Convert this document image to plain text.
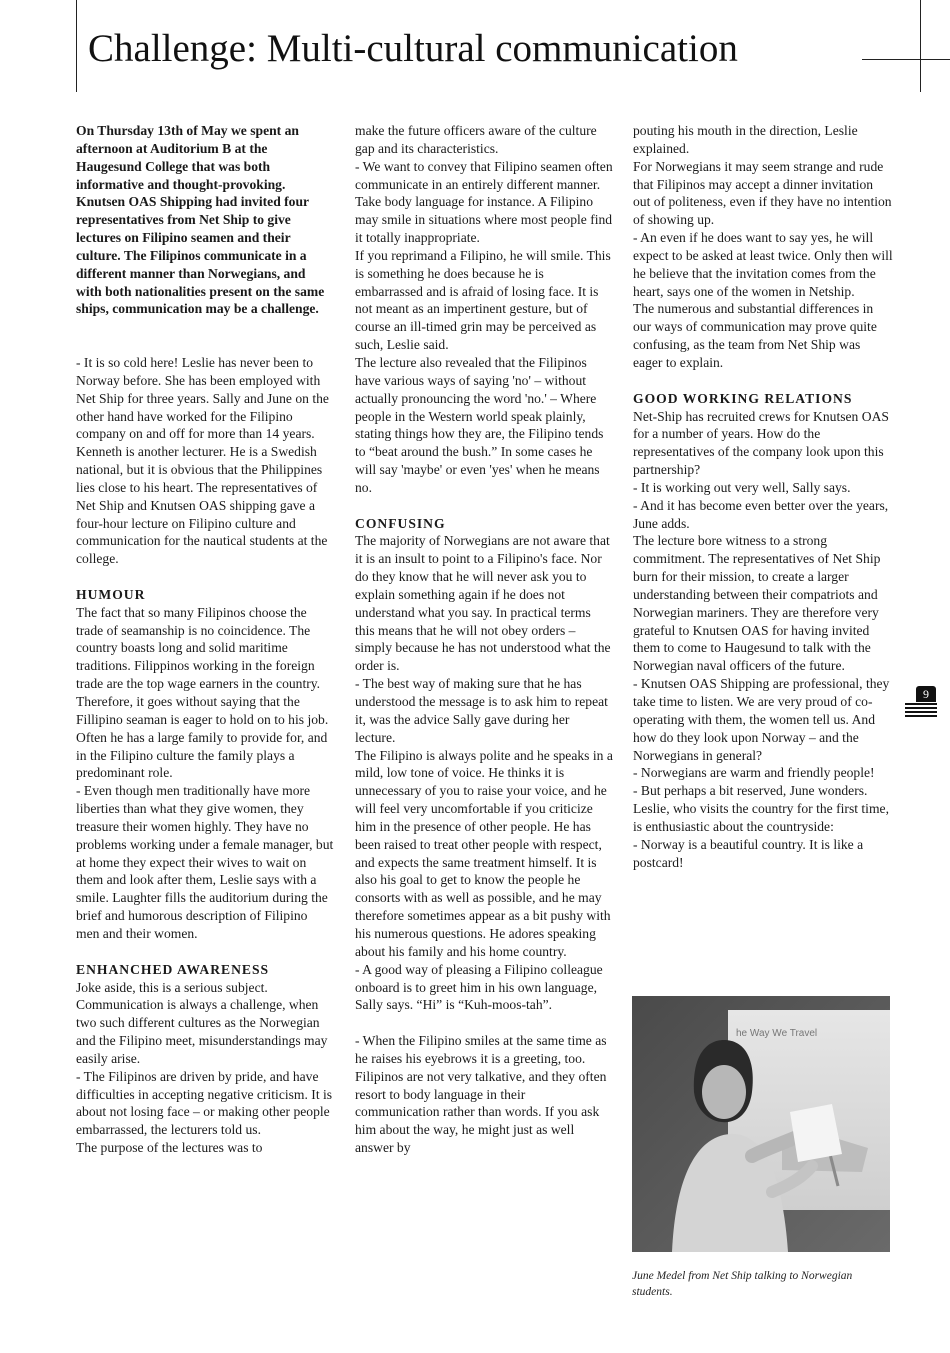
Challenge: Multi-cultural communication

On Thursday 13th of May we spent an afternoon at Auditorium B at the Haugesund College that was both informative and thought-provoking. Knutsen OAS Shipping had invited four representatives from Net Ship to give lectures on Filipino seamen and their culture. The Filipinos communicate in a different manner than Norwegians, and with both nationalities present on the same ships, communication may be a challenge.

- It is so cold here! Leslie has never been to Norway before. She has been employed with Net Ship for three years. Sally and June on the other hand have worked for the Filipino company on and off for more than 14 years. Kenneth is another lecturer. He is a Swedish national, but it is obvious that the Philippines lies close to his heart. The representatives of Net Ship and Knutsen OAS shipping gave a four-hour lecture on Filipino culture and communication for the nautical students at the college.

HUMOUR

The fact that so many Filipinos choose the trade of seamanship is no coincidence. The country boasts long and solid maritime traditions. Filippinos working in the foreign trade are the top wage earners in the country. Therefore, it goes without saying that the Fillipino seaman is eager to hold on to his job. Often he has a large family to provide for, and in the Filipino culture the family plays a predominant role.

- Even though men traditionally have more liberties than what they give women, they treasure their women highly. They have no problems working under a female manager, but at home they expect their wives to wait on them and look after them, Leslie says with a smile. Laughter fills the auditorium during the brief and humorous description of Filipino men and their women.

ENHANCHED AWARENESS

Joke aside, this is a serious subject. Communication is always a challenge, when two such different cultures as the Norwegian and the Filipino meet, misunderstandings may easily arise.

- The Filipinos are driven by pride, and have difficulties in accepting negative criticism. It is about not losing face – or making other people embarrassed, the lecturers told us.

The purpose of the lectures was to

make the future officers aware of the culture gap and its characteristics.

- We want to convey that Filipino seamen often communicate in an entirely different manner. Take body language for instance. A Filipino may smile in situations where most people find it totally inappropriate.

If you reprimand a Filipino, he will smile. This is something he does because he is embarrassed and is afraid of losing face. It is not meant as an impertinent gesture, but of course an ill-timed grin may be perceived as such, Leslie said.

The lecture also revealed that the Filipinos have various ways of saying 'no' – without actually pronouncing the word 'no.' – Where people in the Western world speak plainly, stating things how they are, the Filipino tends to “beat around the bush.” In some cases he will say 'maybe' or even 'yes' when he means no.

CONFUSING

The majority of Norwegians are not aware that it is an insult to point to a Filipino's face. Nor do they know that he will never ask you to explain something again if he does not understand what you say. In practical terms this means that he will not obey orders – simply because he has not understood what the order is.

- The best way of making sure that he has understood the message is to ask him to repeat it, was the advice Sally gave during her lecture.

The Filipino is always polite and he speaks in a mild, low tone of voice. He thinks it is unnecessary of you to raise your voice, and he will feel very uncomfortable if you criticize him in the presence of other people. He has been raised to treat other people with respect, and expects the same treatment himself. It is also his goal to get to know the people he consorts with as well as possible, and he may therefore sometimes appear as a bit pushy with his numerous questions. He adores speaking about his family and his home country.

- A good way of pleasing a Filipino colleague onboard is to greet him in his own language, Sally says. “Hi” is “Kuh-moos-tah”.

- When the Filipino smiles at the same time as he raises his eyebrows it is a greeting, too. Filipinos are not very talkative, and they often resort to body language in their communication rather than words. If you ask him about the way, he might just as well answer by

pouting his mouth in the direction, Leslie explained.

For Norwegians it may seem strange and rude that Filipinos may accept a dinner invitation out of politeness, even if they have no intention of showing up.

- An even if he does want to say yes, he will expect to be asked at least twice. Only then will he believe that the invitation comes from the heart, says one of the women in Netship.

The numerous and substantial differences in our ways of communication may prove quite confusing, as the team from Net Ship was eager to explain.

GOOD WORKING RELATIONS

Net-Ship has recruited crews for Knutsen OAS for a number of years. How do the representatives of the company look upon this partnership?

- It is working out very well, Sally says.

- And it has become even better over the years, June adds.

The lecture bore witness to a strong commitment. The representatives of Net Ship burn for their mission, to create a larger understanding between their compatriots and Norwegian mariners. They are therefore very grateful to Knutsen OAS for having invited them to come to Haugesund to talk with the Norwegian naval officers of the future.

- Knutsen OAS Shipping are professional, they take time to listen. We are very proud of co-operating with them, the women tell us. And how do they look upon Norway – and the Norwegians in general?

- Norwegians are warm and friendly people!

- But perhaps a bit reserved, June wonders. Leslie, who visits the country for the first time, is enthusiastic about the countryside:

- Norway is a beautiful country. It is like a postcard!

9
he Way We Travel
June Medel from Net Ship talking to Norwegian students.
